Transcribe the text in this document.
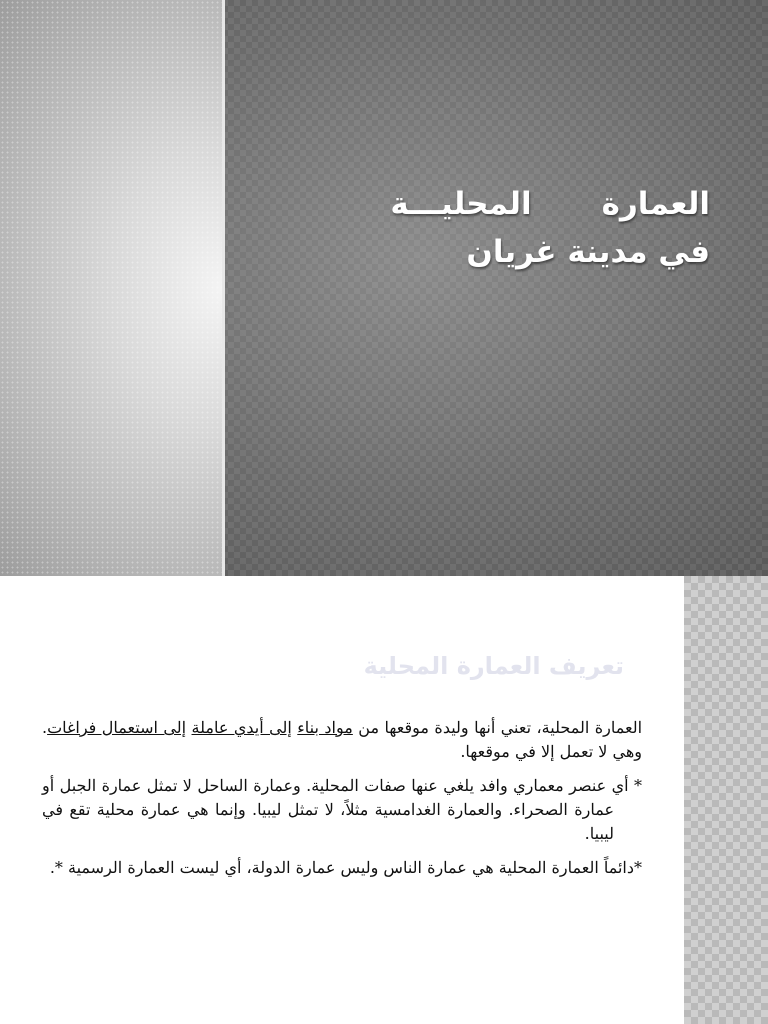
العمارةالمحليـــة
في مدينة غريان
تعريف العمارة المحلية

العمارة المحلية، تعني أنها وليدة موقعها من مواد بناء إلى أيدي عاملة إلى استعمال فراغات. وهي لا تعمل إلا في موقعها.

* أي عنصر معماري وافد يلغي عنها صفات المحلية. وعمارة الساحل لا تمثل عمارة الجبل أو عمارة الصحراء. والعمارة الغدامسية مثلاً، لا تمثل ليبيا. وإنما هي عمارة محلية تقع في ليبيا.

*دائماً العمارة المحلية هي عمارة الناس وليس عمارة الدولة، أي ليست العمارة الرسمية *.
